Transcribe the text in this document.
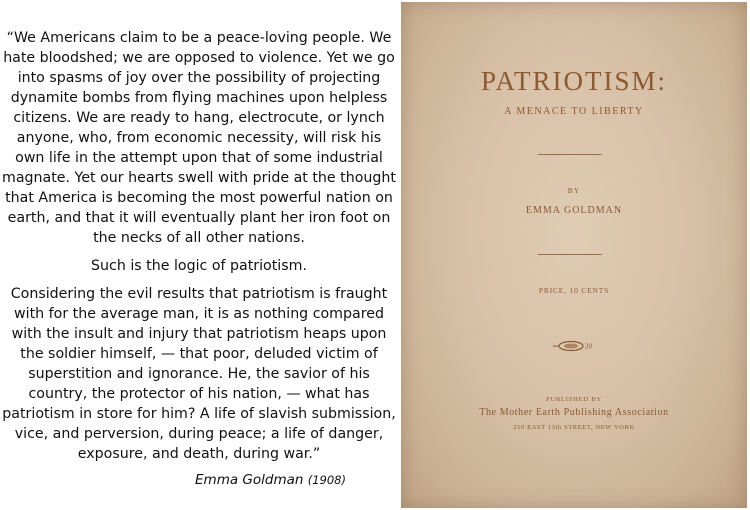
“We Americans claim to be a peace-loving people. We hate bloodshed; we are opposed to violence. Yet we go into spasms of joy over the possibility of projecting dynamite bombs from flying machines upon helpless citizens. We are ready to hang, electrocute, or lynch anyone, who, from economic necessity, will risk his own life in the attempt upon that of some industrial magnate. Yet our hearts swell with pride at the thought that America is becoming the most powerful nation on earth, and that it will eventually plant her iron foot on the necks of all other nations.

Such is the logic of patriotism.

Considering the evil results that patriotism is fraught with for the average man, it is as nothing compared with the insult and injury that patriotism heaps upon the soldier himself, — that poor, deluded victim of superstition and ignorance. He, the savior of his country, the protector of his nation, — what has patriotism in store for him? A life of slavish submission, vice, and perversion, during peace; a life of danger, exposure, and death, during war.”

Emma Goldman (1908)
PATRIOTISM:
A MENACE TO LIBERTY
BY
EMMA GOLDMAN
PRICE, 10 CENTS
20
PUBLISHED BY
The Mother Earth Publishing Association
210 EAST 13th STREET, NEW YORK
